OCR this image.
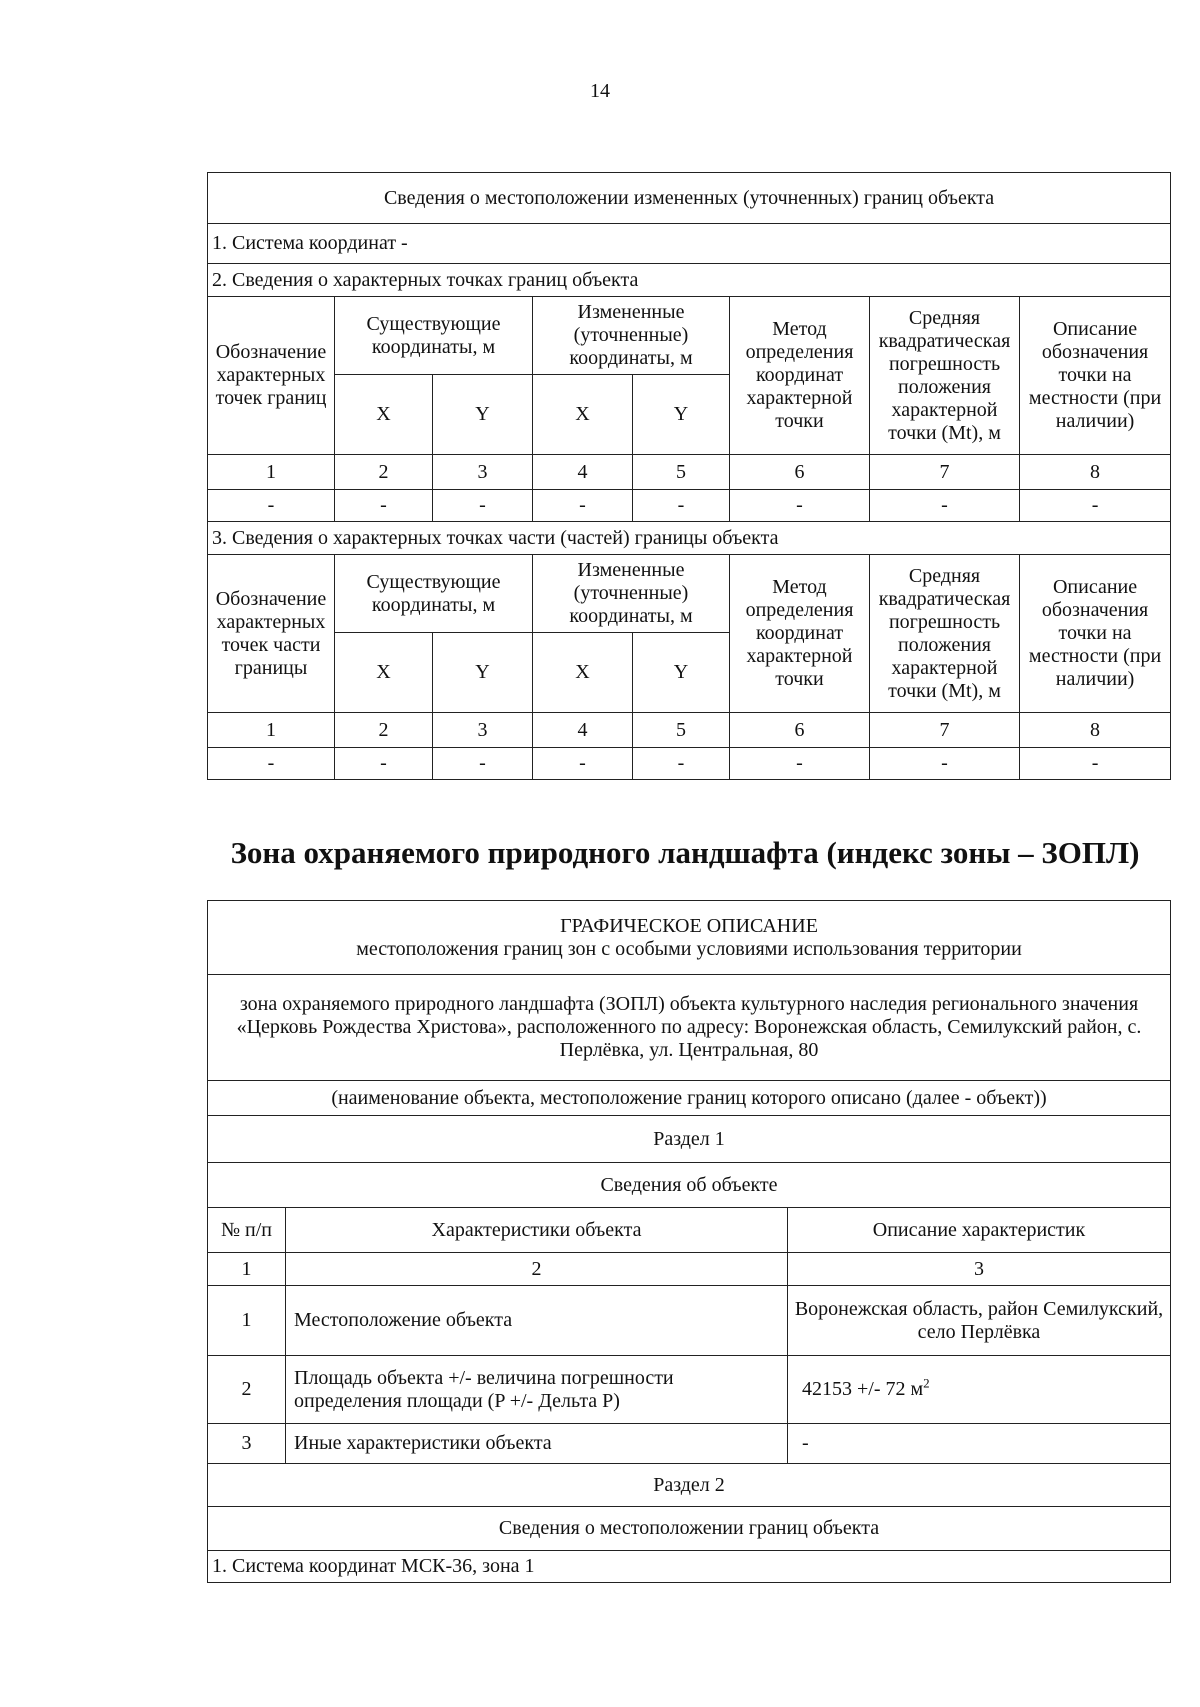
14
Сведения о местоположении измененных (уточненных) границ объекта							
1. Система координат -							
2. Сведения о характерных точках границ объекта							
Обозначение характерных точек границ	Существующие координаты, м		Измененные (уточненные) координаты, м		Метод определения координат характерной точки	Средняя квадратическая погрешность положения характерной точки (Mt), м	Описание обозначения точки на местности (при наличии)
	X	Y	X	Y			
1	2	3	4	5	6	7	8
-	-	-	-	-	-	-	-
3. Сведения о характерных точках части (частей) границы объекта							
Обозначение характерных точек части границы	Существующие координаты, м		Измененные (уточненные) координаты, м		Метод определения координат характерной точки	Средняя квадратическая погрешность положения характерной точки (Mt), м	Описание обозначения точки на местности (при наличии)
	X	Y	X	Y			
1	2	3	4	5	6	7	8
-	-	-	-	-	-	-	-
Зона охраняемого природного ландшафта (индекс зоны – ЗОПЛ)
ГРАФИЧЕСКОЕ ОПИСАНИЕ
местоположения границ зон с особыми условиями использования территории		

зона охраняемого природного ландшафта (ЗОПЛ) объекта культурного наследия регионального значения «Церковь Рождества Христова», расположенного по адресу: Воронежская область, Семилукский район, с. Перлёвка, ул. Центральная, 80		
(наименование объекта, местоположение границ которого описано (далее - объект))		
Раздел 1		
Сведения об объекте		
№ п/п	Характеристики объекта	Описание характеристик
1	2	3
1	Местоположение объекта	Воронежская область, район Семилукский, село Перлёвка
2	Площадь объекта +/- величина погрешности определения площади (P +/- Дельта P)	42153 +/- 72 $м^2$
3	Иные характеристики объекта	-
Раздел 2		
Сведения о местоположении границ объекта		
1. Система координат МСК-36, зона 1		
